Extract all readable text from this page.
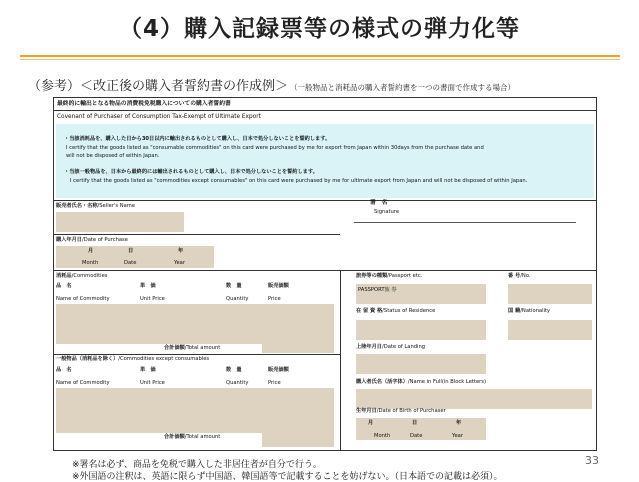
（4）購入記録票等の様式の弾力化等
（参考）＜改正後の購入者誓約書の作成例＞ （一般物品と消耗品の購入者誓約書を一つの書面で作成する場合）
最終的に輸出となる物品の消費税免税購入についての購入者誓約書
Covenant of Purchaser of Consumption Tax-Exempt of Ultimate Export
・当該消耗品を、購入した日から30日以内に輸出されるものとして購入し、日本で処分しないことを誓約します。
I certify that the goods listed as "consumable commodities" on this card were purchased by me for export from Japan within 30days from the purchase date and
will not be disposed of within Japan.
・当該一般物品を、日本から最終的には輸出されるものとして購入し、日本で処分しないことを誓約します。
I certify that the goods listed as "commodities except consumables" on this card were purchased by me for ultimate export from Japan and will not be disposed of within Japan.
販売者氏名・名称/Seller's Name	署　名
Signature
購入年月日/Date of Purchase
月	日	年
Month	Date	Year
消耗品/Commodities
品　名	単　価	数　量	販売価額
Name of Commodity	Unit Price	Quantity	Price
合計価額/Total amount
一般物品（消耗品を除く）/Commodities except consumables
品　名	単　価	数　量	販売価額
Name of Commodity	Unit Price	Quantity	Price
合計価額/Total amount
旅券等の種類/Passport etc.	番 号/No.
PASSPORT旅 券
在 留 資 格/Status of Residence	国 籍/Nationality
上陸年月日/Date of Landing
購入者氏名（活字体）/Name in Full(in Block Letters)
生年月日/Date of Birth of Purchaser
月	日	年
Month	Date	Year
※署名は必ず、商品を免税で購入した非居住者が自分で行う。
※外国語の注釈は、英語に限らず中国語、韓国語等で記載することを妨げない。（日本語での記載は必須）。
33
